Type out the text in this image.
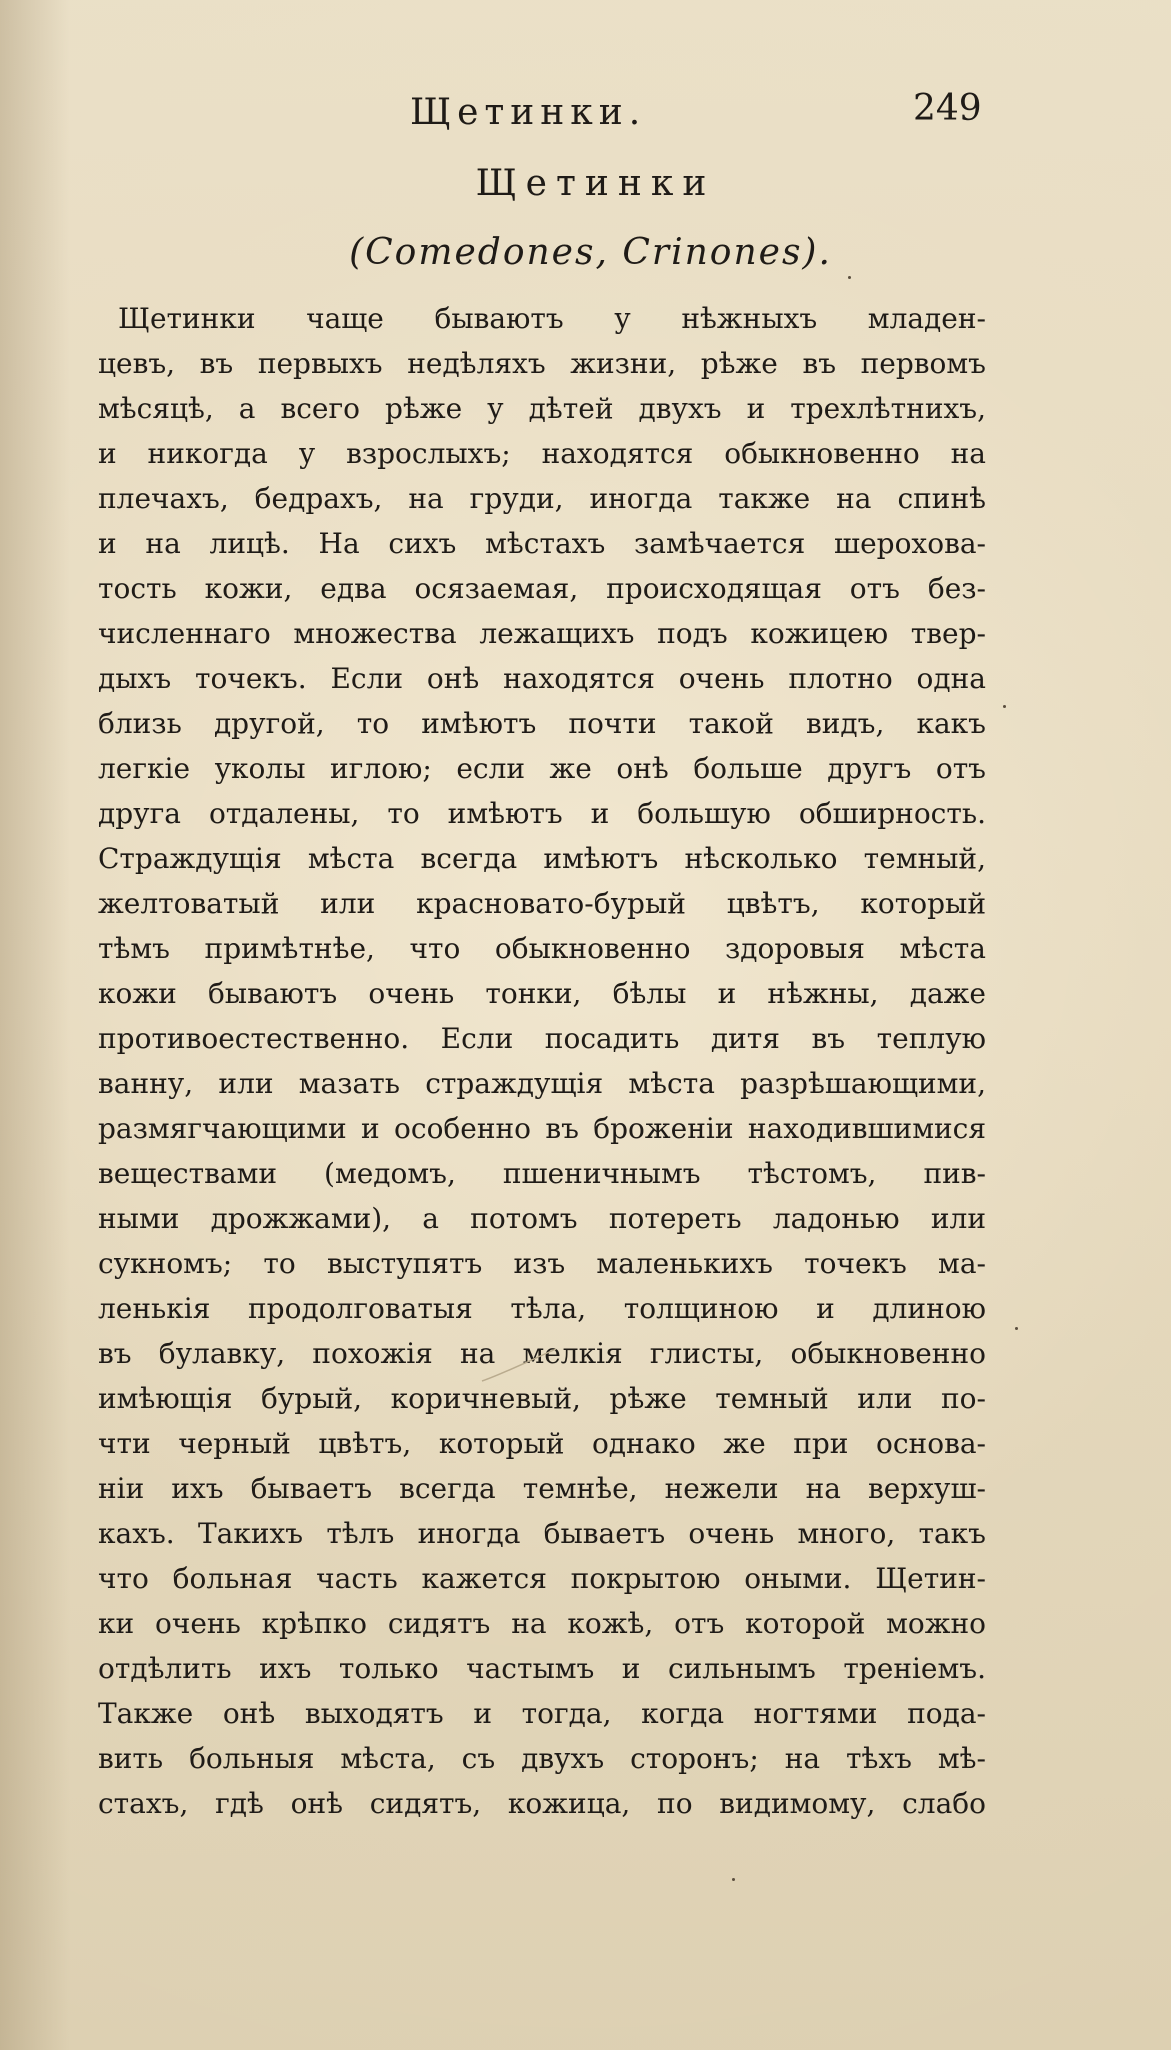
Щетинки.	249
Щетинки
(Comedones, Crinones).
Щетинки чаще бываютъ у нѣжныхъ младен-
цевъ, въ первыхъ недѣляхъ жизни, рѣже въ первомъ
мѣсяцѣ, а всего рѣже у дѣтей двухъ и трехлѣтнихъ,
и никогда у взрослыхъ; находятся обыкновенно на
плечахъ, бедрахъ, на груди, иногда также на спинѣ
и на лицѣ. На сихъ мѣстахъ замѣчается шерохова-
тость кожи, едва осязаемая, происходящая отъ без-
численнаго множества лежащихъ подъ кожицею твер-
дыхъ точекъ. Если онѣ находятся очень плотно одна
близь другой, то имѣютъ почти такой видъ, какъ
легкіе уколы иглою; если же онѣ больше другъ отъ
друга отдалены, то имѣютъ и большую обширность.
Страждущія мѣста всегда имѣютъ нѣсколько темный,
желтоватый или красновато-бурый цвѣтъ, который
тѣмъ примѣтнѣе, что обыкновенно здоровыя мѣста
кожи бываютъ очень тонки, бѣлы и нѣжны, даже
противоестественно. Если посадить дитя въ теплую
ванну, или мазать страждущія мѣста разрѣшающими,
размягчающими и особенно въ броженіи находившимися
веществами (медомъ, пшеничнымъ тѣстомъ, пив-
ными дрожжами), а потомъ потереть ладонью или
сукномъ; то выступятъ изъ маленькихъ точекъ ма-
ленькія продолговатыя тѣла, толщиною и длиною
въ булавку, похожія на мелкія глисты, обыкновенно
имѣющія бурый, коричневый, рѣже темный или по-
чти черный цвѣтъ, который однако же при основа-
ніи ихъ бываетъ всегда темнѣе, нежели на верхуш-
кахъ. Такихъ тѣлъ иногда бываетъ очень много, такъ
что больная часть кажется покрытою оными. Щетин-
ки очень крѣпко сидятъ на кожѣ, отъ которой можно
отдѣлить ихъ только частымъ и сильнымъ треніемъ.
Также онѣ выходятъ и тогда, когда ногтями пода-
вить больныя мѣста, съ двухъ сторонъ; на тѣхъ мѣ-
стахъ, гдѣ онѣ сидятъ, кожица, по видимому, слабо
